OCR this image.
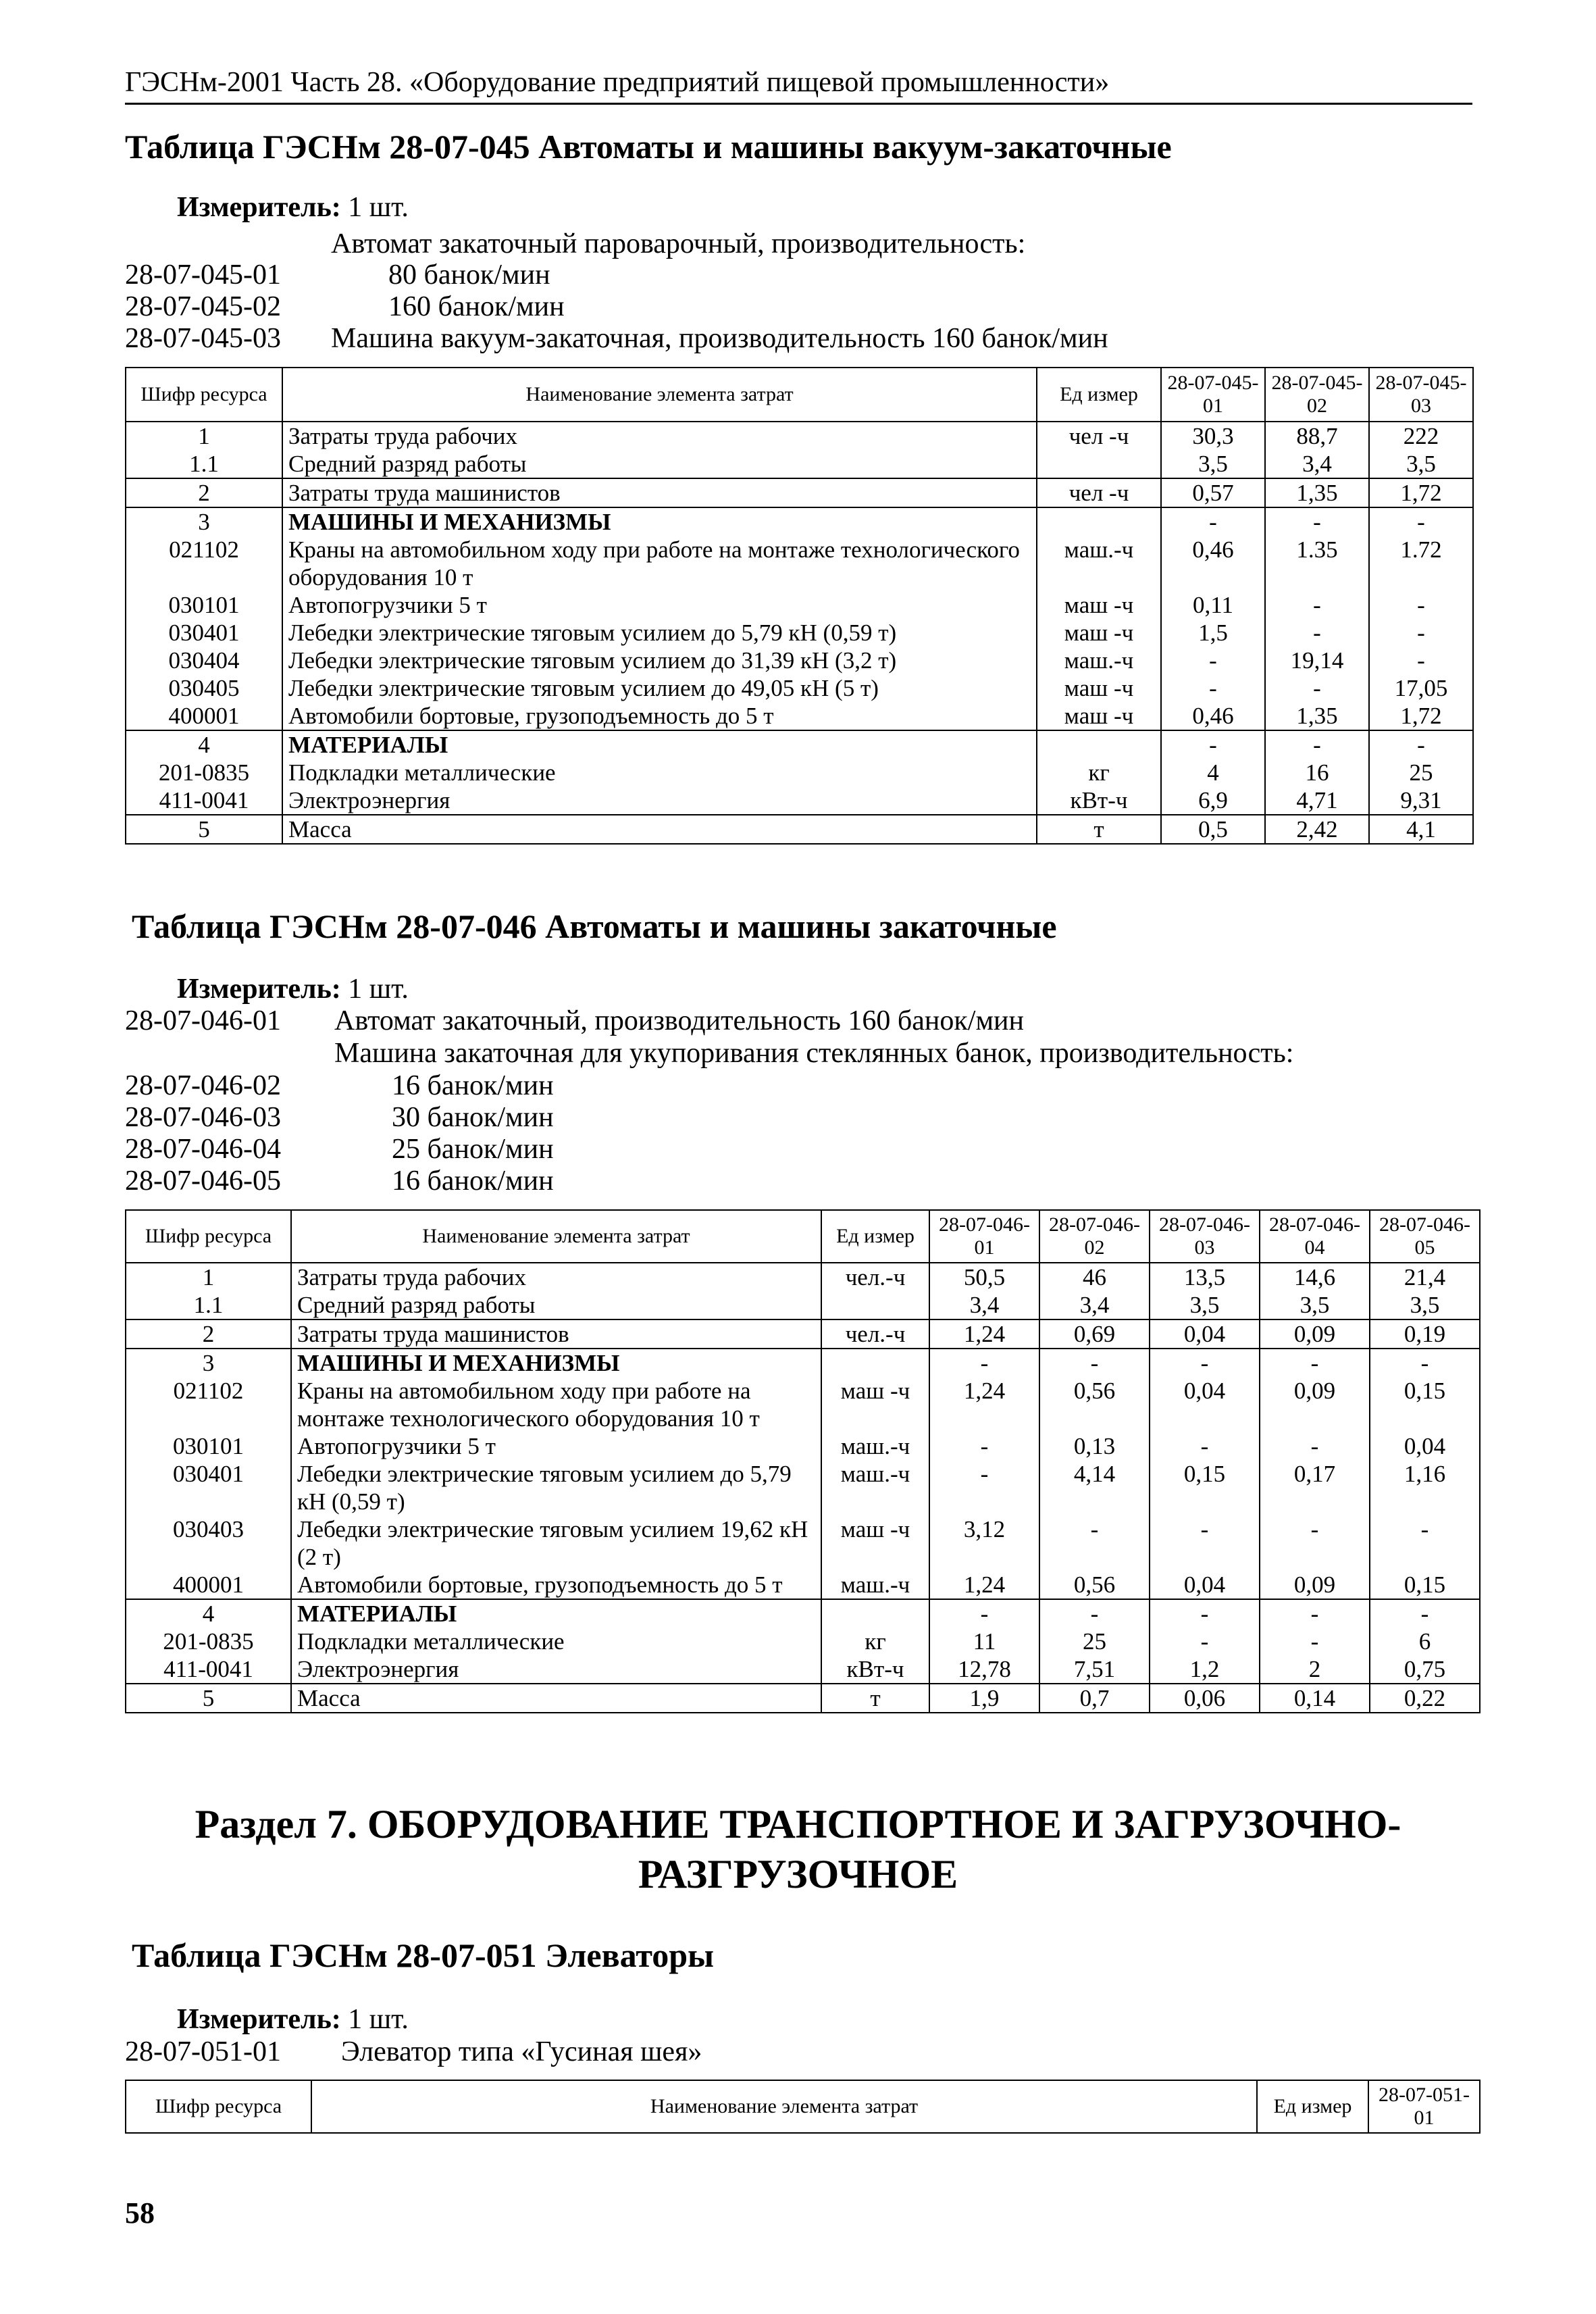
ГЭСНм-2001 Часть 28. «Оборудование предприятий пищевой промышленности»
Таблица ГЭСНм 28-07-045 Автоматы и машины вакуум-закаточные
Измеритель: 1 шт.
Автомат закаточный пароварочный, производительность:
28-07-045-01	80 банок/мин
28-07-045-02	160 банок/мин
28-07-045-03 Машина вакуум-закаточная, производительность 160 банок/мин
Шифр ресурса	Наименование элемента затрат	Ед измер	28-07-045-01	28-07-045-02	28-07-045-03
1	Затраты труда рабочих	чел -ч	30,3	88,7	222
1.1	Средний разряд работы		3,5	3,4	3,5
2	Затраты труда машинистов	чел -ч	0,57	1,35	1,72
3	МАШИНЫ И МЕХАНИЗМЫ		-	-	-
021102	Краны на автомобильном ходу при работе на монтаже технологического оборудования 10 т	маш.-ч	0,46	1.35	1.72
030101	Автопогрузчики 5 т	маш -ч	0,11	-	-
030401	Лебедки электрические тяговым усилием до 5,79 кН (0,59 т)	маш -ч	1,5	-	-
030404	Лебедки электрические тяговым усилием до 31,39 кН (3,2 т)	маш.-ч	-	19,14	-
030405	Лебедки электрические тяговым усилием до 49,05 кН (5 т)	маш -ч	-	-	17,05
400001	Автомобили бортовые, грузоподъемность до 5 т	маш -ч	0,46	1,35	1,72
4	МАТЕРИАЛЫ		-	-	-
201-0835	Подкладки металлические	кг	4	16	25
411-0041	Электроэнергия	кВт-ч	6,9	4,71	9,31
5	Масса	т	0,5	2,42	4,1
Таблица ГЭСНм 28-07-046 Автоматы и машины закаточные
Измеритель: 1 шт.
28-07-046-01 Автомат закаточный, производительность 160 банок/мин
Машина закаточная для укупоривания стеклянных банок, производительность:
28-07-046-02	16 банок/мин
28-07-046-03	30 банок/мин
28-07-046-04	25 банок/мин
28-07-046-05	16 банок/мин
Шифр ресурса	Наименование элемента затрат	Ед измер	28-07-046-01	28-07-046-02	28-07-046-03	28-07-046-04	28-07-046-05
1	Затраты труда рабочих	чел.-ч	50,5	46	13,5	14,6	21,4
1.1	Средний разряд работы		3,4	3,4	3,5	3,5	3,5
2	Затраты труда машинистов	чел.-ч	1,24	0,69	0,04	0,09	0,19
3	МАШИНЫ И МЕХАНИЗМЫ		-	-	-	-	-
021102	Краны на автомобильном ходу при работе на монтаже технологического оборудования 10 т	маш -ч	1,24	0,56	0,04	0,09	0,15
030101	Автопогрузчики 5 т	маш.-ч	-	0,13	-	-	0,04
030401	Лебедки электрические тяговым усилием до 5,79 кН (0,59 т)	маш.-ч	-	4,14	0,15	0,17	1,16
030403	Лебедки электрические тяговым усилием 19,62 кН (2 т)	маш -ч	3,12	-	-	-	-
400001	Автомобили бортовые, грузоподъемность до 5 т	маш.-ч	1,24	0,56	0,04	0,09	0,15
4	МАТЕРИАЛЫ		-	-	-	-	-
201-0835	Подкладки металлические	кг	11	25	-	-	6
411-0041	Электроэнергия	кВт-ч	12,78	7,51	1,2	2	0,75
5	Масса	т	1,9	0,7	0,06	0,14	0,22
Раздел 7. ОБОРУДОВАНИЕ ТРАНСПОРТНОЕ И ЗАГРУЗОЧНО-
РАЗГРУЗОЧНОЕ
Таблица ГЭСНм 28-07-051 Элеваторы
Измеритель: 1 шт.
28-07-051-01 Элеватор типа «Гусиная шея»
Шифр ресурса	Наименование элемента затрат	Ед измер	28-07-051-01
58
